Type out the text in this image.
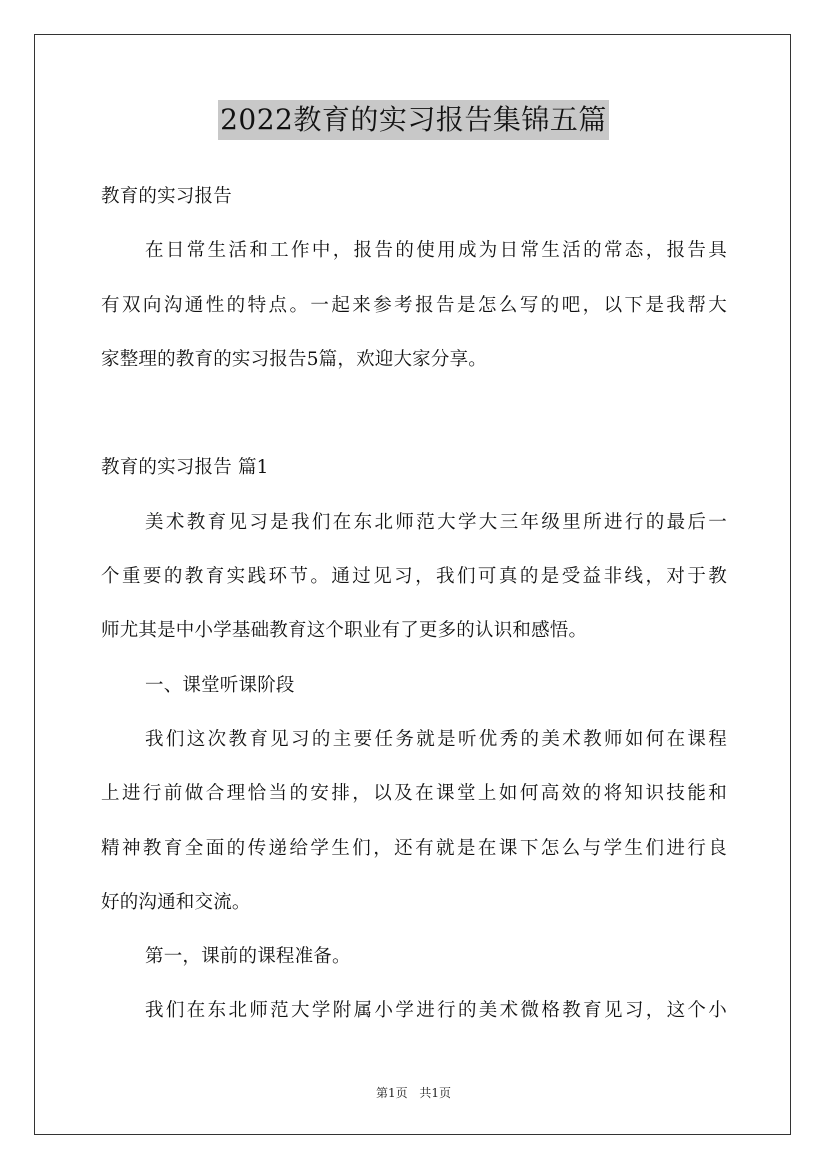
2022教育的实习报告集锦五篇
教育的实习报告
在日常生活和工作中，报告的使用成为日常生活的常态，报告具
有双向沟通性的特点。一起来参考报告是怎么写的吧，以下是我帮大
家整理的教育的实习报告5篇，欢迎大家分享。
教育的实习报告 篇1
美术教育见习是我们在东北师范大学大三年级里所进行的最后一
个重要的教育实践环节。通过见习，我们可真的是受益非线，对于教
师尤其是中小学基础教育这个职业有了更多的认识和感悟。
一、课堂听课阶段
我们这次教育见习的主要任务就是听优秀的美术教师如何在课程
上进行前做合理恰当的安排，以及在课堂上如何高效的将知识技能和
精神教育全面的传递给学生们，还有就是在课下怎么与学生们进行良
好的沟通和交流。
第一，课前的课程准备。
我们在东北师范大学附属小学进行的美术微格教育见习，这个小
第1页 共1页
